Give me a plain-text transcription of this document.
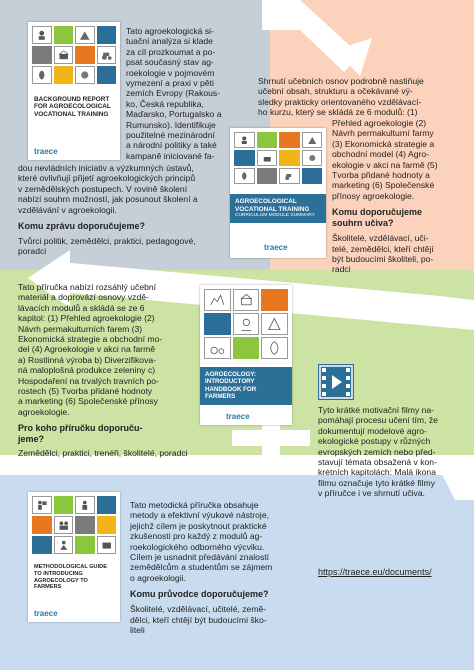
BACKGROUND REPORT FOR AGROECOLOGICAL VOCATIONAL TRAINING
traece

Tato agroekologická si-

tuační analýza si klade

za cíl prozkoumat a po-

psat současný stav ag-

roekologie v pojmovém

vymezení a praxi v pěti

zemích Evropy (Rakous-

ko, Česká republika,

Maďarsko, Portugalsko a

Rumunsko). Identifikuje

použitelné mezinárodní

a národní politiky a také

kampaně iniciované fa-

dou nevládních iniciativ a výzkumných ústavů,

které ovlivňují přijetí agroekologických principů

v zemědělských postupech. V rovině školení

nabízí souhrn možností, jak posunout školení a

vzdělávání v agroekologii.

Komu zprávu doporučujeme?

Tvůrci politik, zemědělci, praktici, pedagogové,

poradci

Shrnutí učebních osnov podrobně nastiňuje

učební obsah, strukturu a očekávané vý-

sledky prakticky orientovaného vzdělávací-

ho kurzu, který se skládá ze 6 modulů: (1)

AGROECOLOGICAL VOCATIONAL TRAINING
CURRICULUM MODULE SUMMARY
traece

Přehled agroekologie (2)

Návrh permakulturní farmy

(3) Ekonomická strategie a

obchodní model (4) Agro-

ekologie v akci na farmě (5)

Tvorba přidané hodnoty a

marketing (6) Společenské

přínosy agroekologie.

Komu doporučujeme

souhrn učiva?

Školitelé, vzdělávací, uči-

telé, zemědělci, kteří chtějí

být budoucími školiteli, po-

radci

Tato příručka nabízí rozsáhlý učební

materiál a doprovází osnovy vzdě-

lávacích modulů a skládá se ze 6

kapitol: (1) Přehled agroekologie (2)

Návrh permakulturních farem (3)

Ekonomická strategie a obchodní mo-

del (4) Agroekologie v akci na farmě

a) Rostlinná výroba b) Diverzifikova-

ná maloplošná produkce zeleniny c)

Hospodaření na trvalých travních po-

rostech (5) Tvorba přidané hodnoty

a marketing (6) Společenské přínosy

agroekologie.

Pro koho příručku doporuču-

jeme?

Zemědělci, praktici, trenéři, školitelé, poradci

AGROECOLOGY: INTRODUCTORY HANDBOOK FOR FARMERS
traece

Tyto krátké motivační filmy na-

pomáhají procesu učení tím, že

dokumentují modelové agro-

ekologické postupy v různých

evropských zemích nebo před-

stavují témata obsažená v kon-

krétních kapitolách: Malá ikona

filmu označuje tyto krátké filmy

v příručce i ve shrnutí učiva.

METHODOLOGICAL GUIDE TO INTRODUCING AGROECOLOGY TO FARMERS
traece

Tato metodická příručka obsahuje

metody a efektivní výukové nástroje,

jejichž cílem je poskytnout praktické

zkušenosti pro každý z modulů ag-

roekologického odborného výcviku.

Cílem je usnadnit předávání znalostí

zemědělcům a studentům se zájmem

o agroekologii.

Komu průvodce doporučujeme?

Školitelé, vzdělávací, učitelé, země-

dělci, kteří chtějí být budoucími ško-

liteli

https://traece.eu/documents/
